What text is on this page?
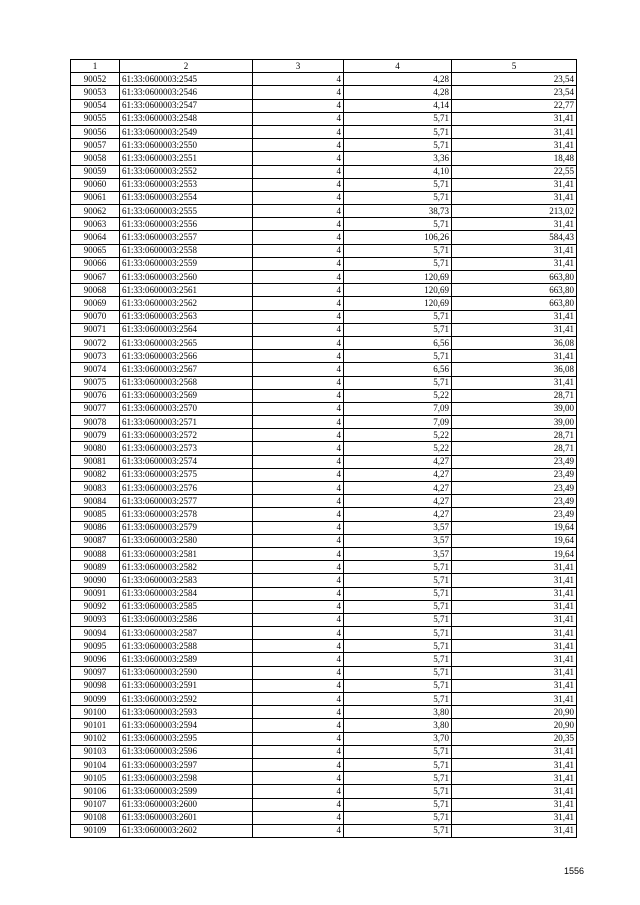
1	2	3	4	5
90052	61:33:0600003:2545	4	4,28	23,54
90053	61:33:0600003:2546	4	4,28	23,54
90054	61:33:0600003:2547	4	4,14	22,77
90055	61:33:0600003:2548	4	5,71	31,41
90056	61:33:0600003:2549	4	5,71	31,41
90057	61:33:0600003:2550	4	5,71	31,41
90058	61:33:0600003:2551	4	3,36	18,48
90059	61:33:0600003:2552	4	4,10	22,55
90060	61:33:0600003:2553	4	5,71	31,41
90061	61:33:0600003:2554	4	5,71	31,41
90062	61:33:0600003:2555	4	38,73	213,02
90063	61:33:0600003:2556	4	5,71	31,41
90064	61:33:0600003:2557	4	106,26	584,43
90065	61:33:0600003:2558	4	5,71	31,41
90066	61:33:0600003:2559	4	5,71	31,41
90067	61:33:0600003:2560	4	120,69	663,80
90068	61:33:0600003:2561	4	120,69	663,80
90069	61:33:0600003:2562	4	120,69	663,80
90070	61:33:0600003:2563	4	5,71	31,41
90071	61:33:0600003:2564	4	5,71	31,41
90072	61:33:0600003:2565	4	6,56	36,08
90073	61:33:0600003:2566	4	5,71	31,41
90074	61:33:0600003:2567	4	6,56	36,08
90075	61:33:0600003:2568	4	5,71	31,41
90076	61:33:0600003:2569	4	5,22	28,71
90077	61:33:0600003:2570	4	7,09	39,00
90078	61:33:0600003:2571	4	7,09	39,00
90079	61:33:0600003:2572	4	5,22	28,71
90080	61:33:0600003:2573	4	5,22	28,71
90081	61:33:0600003:2574	4	4,27	23,49
90082	61:33:0600003:2575	4	4,27	23,49
90083	61:33:0600003:2576	4	4,27	23,49
90084	61:33:0600003:2577	4	4,27	23,49
90085	61:33:0600003:2578	4	4,27	23,49
90086	61:33:0600003:2579	4	3,57	19,64
90087	61:33:0600003:2580	4	3,57	19,64
90088	61:33:0600003:2581	4	3,57	19,64
90089	61:33:0600003:2582	4	5,71	31,41
90090	61:33:0600003:2583	4	5,71	31,41
90091	61:33:0600003:2584	4	5,71	31,41
90092	61:33:0600003:2585	4	5,71	31,41
90093	61:33:0600003:2586	4	5,71	31,41
90094	61:33:0600003:2587	4	5,71	31,41
90095	61:33:0600003:2588	4	5,71	31,41
90096	61:33:0600003:2589	4	5,71	31,41
90097	61:33:0600003:2590	4	5,71	31,41
90098	61:33:0600003:2591	4	5,71	31,41
90099	61:33:0600003:2592	4	5,71	31,41
90100	61:33:0600003:2593	4	3,80	20,90
90101	61:33:0600003:2594	4	3,80	20,90
90102	61:33:0600003:2595	4	3,70	20,35
90103	61:33:0600003:2596	4	5,71	31,41
90104	61:33:0600003:2597	4	5,71	31,41
90105	61:33:0600003:2598	4	5,71	31,41
90106	61:33:0600003:2599	4	5,71	31,41
90107	61:33:0600003:2600	4	5,71	31,41
90108	61:33:0600003:2601	4	5,71	31,41
90109	61:33:0600003:2602	4	5,71	31,41
1556
